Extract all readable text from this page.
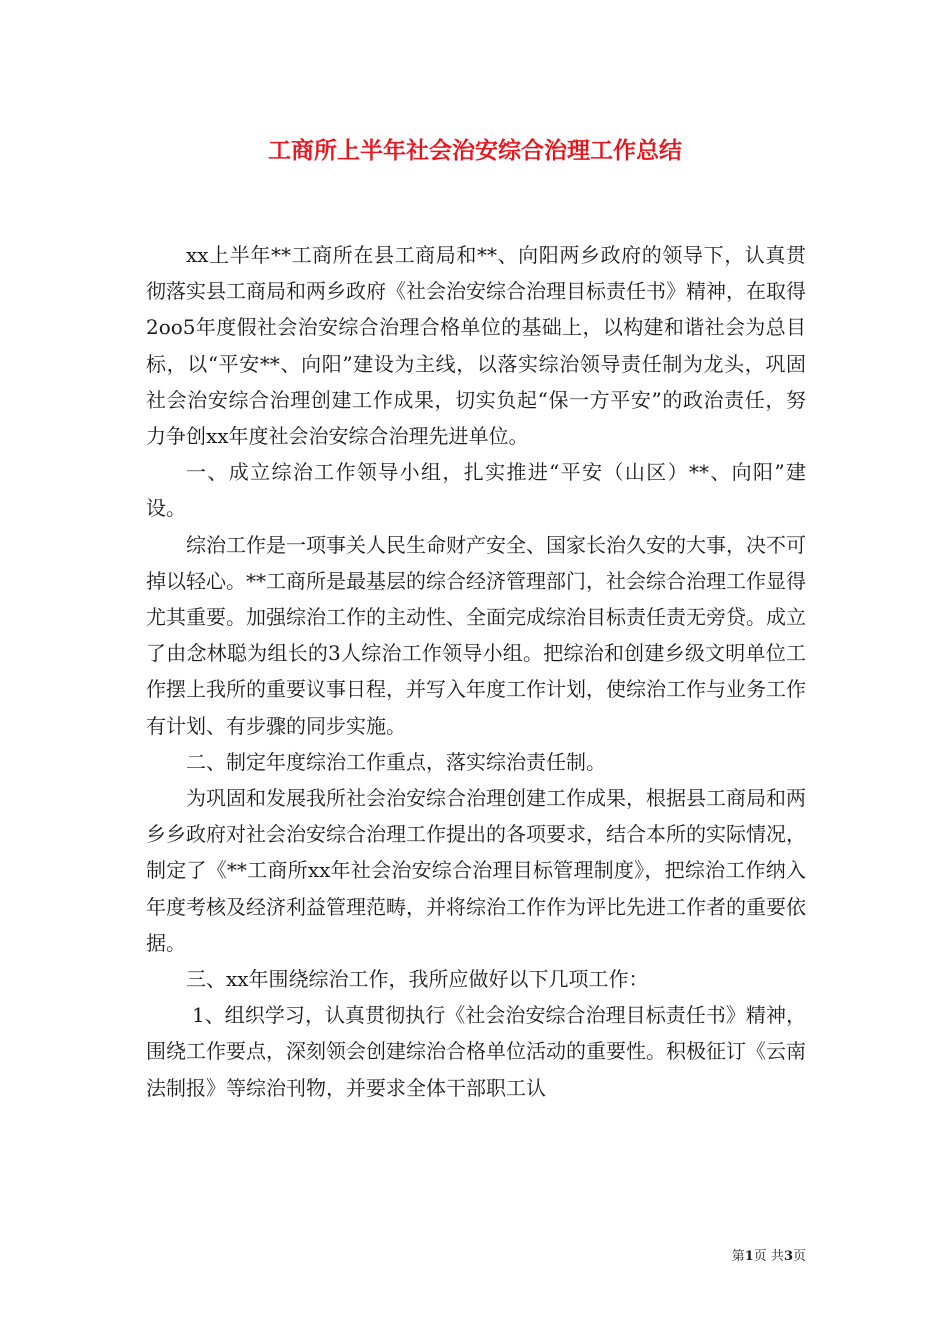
工商所上半年社会治安综合治理工作总结

xx上半年**工商所在县工商局和**、向阳两乡政府的领导下，认真贯彻落实县工商局和两乡政府《社会治安综合治理目标责任书》精神，在取得2oo5年度假社会治安综合治理合格单位的基础上，以构建和谐社会为总目标，以“平安**、向阳”建设为主线，以落实综治领导责任制为龙头，巩固社会治安综合治理创建工作成果，切实负起“保一方平安”的政治责任，努力争创xx年度社会治安综合治理先进单位。

一、成立综治工作领导小组，扎实推进“平安（山区）**、向阳”建设。

综治工作是一项事关人民生命财产安全、国家长治久安的大事，决不可掉以轻心。**工商所是最基层的综合经济管理部门，社会综合治理工作显得尤其重要。加强综治工作的主动性、全面完成综治目标责任责无旁贷。成立了由念林聪为组长的3人综治工作领导小组。把综治和创建乡级文明单位工作摆上我所的重要议事日程，并写入年度工作计划，使综治工作与业务工作有计划、有步骤的同步实施。

二、制定年度综治工作重点，落实综治责任制。

为巩固和发展我所社会治安综合治理创建工作成果，根据县工商局和两乡乡政府对社会治安综合治理工作提出的各项要求，结合本所的实际情况，制定了《**工商所xx年社会治安综合治理目标管理制度》，把综治工作纳入年度考核及经济利益管理范畴，并将综治工作作为评比先进工作者的重要依据。

三、xx年围绕综治工作，我所应做好以下几项工作：

1、组织学习，认真贯彻执行《社会治安综合治理目标责任书》精神，围绕工作要点，深刻领会创建综治合格单位活动的重要性。积极征订《云南法制报》等综治刊物，并要求全体干部职工认

第1页 共3页
